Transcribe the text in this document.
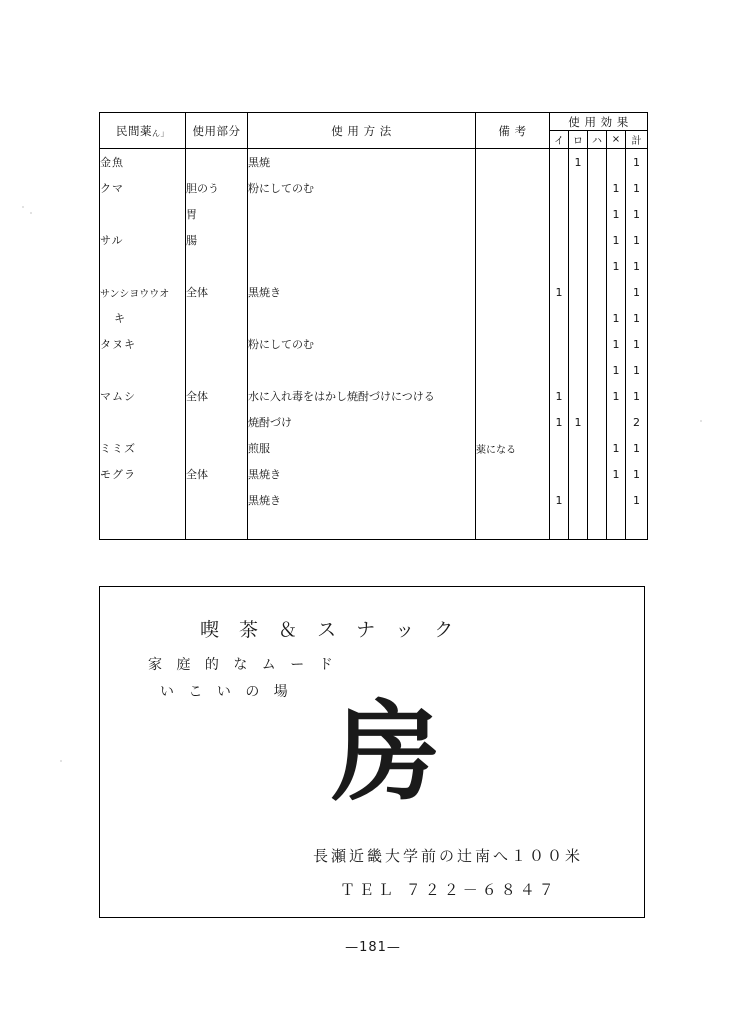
民間薬ん」	使用部分	使 用 方 法	備 考	使 用 効 果				
				イ	ロ	ハ	×	計
金魚		黒焼			1			1
クマ	胆のう	粉にしてのむ					1	1
	胃						1	1
サル	腸						1	1
							1	1
サンシヨウウオ	全体	黒焼き		1				1
キ							1	1
タヌキ		粉にしてのむ					1	1
							1	1
マムシ	全体	水に入れ毒をはかし焼酎づけにつける		1			1	1
		焼酎づけ		1	1			2
ミミズ		煎服	薬になる				1	1
モグラ	全体	黒焼き					1	1
		黒焼き		1				1

喫 茶 ＆ ス ナ ッ ク
家 庭 的 な ム ー ド
い こ い の 場 房
長瀬近畿大学前の辻南へ１００米
ＴＥＬ ７２２－６８４７
—181—
